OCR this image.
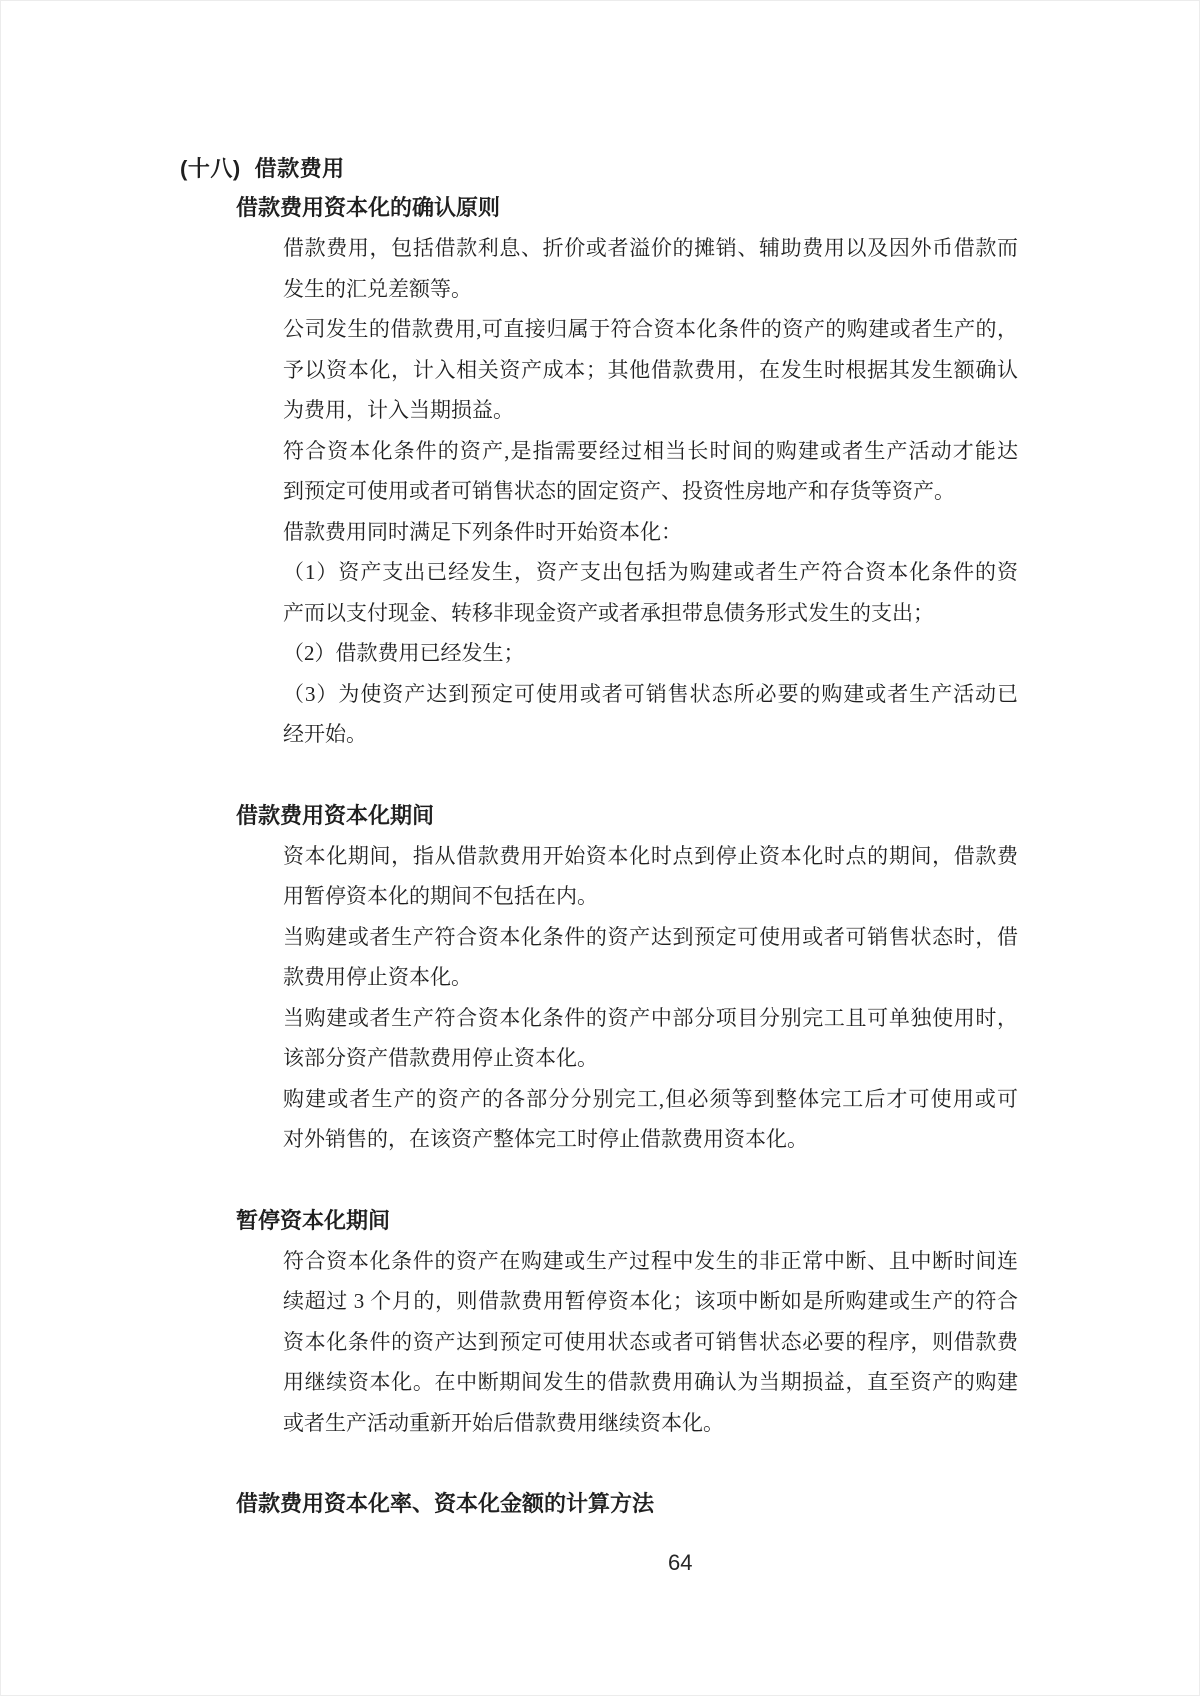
(十八) 借款费用
借款费用资本化的确认原则
借款费用，包括借款利息、折价或者溢价的摊销、辅助费用以及因外币借款而
发生的汇兑差额等。
公司发生的借款费用,可直接归属于符合资本化条件的资产的购建或者生产的，
予以资本化，计入相关资产成本；其他借款费用，在发生时根据其发生额确认
为费用，计入当期损益。
符合资本化条件的资产,是指需要经过相当长时间的购建或者生产活动才能达
到预定可使用或者可销售状态的固定资产、投资性房地产和存货等资产。
借款费用同时满足下列条件时开始资本化：
（1）资产支出已经发生，资产支出包括为购建或者生产符合资本化条件的资
产而以支付现金、转移非现金资产或者承担带息债务形式发生的支出；
（2）借款费用已经发生；
（3）为使资产达到预定可使用或者可销售状态所必要的购建或者生产活动已
经开始。
借款费用资本化期间
资本化期间，指从借款费用开始资本化时点到停止资本化时点的期间，借款费
用暂停资本化的期间不包括在内。
当购建或者生产符合资本化条件的资产达到预定可使用或者可销售状态时，借
款费用停止资本化。
当购建或者生产符合资本化条件的资产中部分项目分别完工且可单独使用时，
该部分资产借款费用停止资本化。
购建或者生产的资产的各部分分别完工,但必须等到整体完工后才可使用或可
对外销售的，在该资产整体完工时停止借款费用资本化。
暂停资本化期间
符合资本化条件的资产在购建或生产过程中发生的非正常中断、且中断时间连
续超过 3 个月的，则借款费用暂停资本化；该项中断如是所购建或生产的符合
资本化条件的资产达到预定可使用状态或者可销售状态必要的程序，则借款费
用继续资本化。在中断期间发生的借款费用确认为当期损益，直至资产的购建
或者生产活动重新开始后借款费用继续资本化。
借款费用资本化率、资本化金额的计算方法
64
